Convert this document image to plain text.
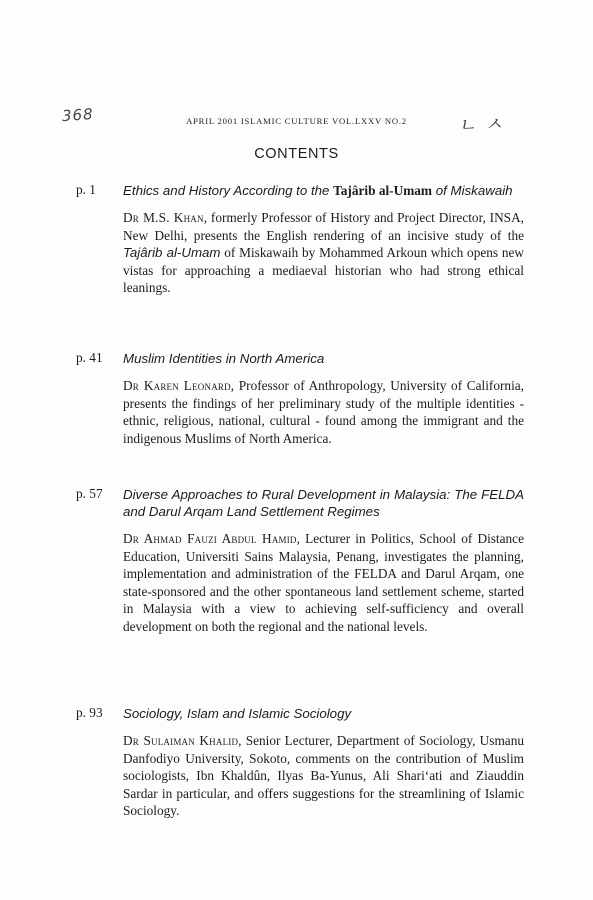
368	ㄴ ㅅ
APRIL 2001 ISLAMIC CULTURE VOL.LXXV NO.2
CONTENTS
p. 1 Ethics and History According to the Tajârib al-Umam of Miskawaih
Dr M.S. Khan, formerly Professor of History and Project Director, INSA, New Delhi, presents the English rendering of an incisive study of the Tajârib al-Umam of Miskawaih by Mohammed Arkoun which opens new vistas for approaching a mediaeval historian who had strong ethical leanings.
p. 41 Muslim Identities in North America
Dr Karen Leonard, Professor of Anthropology, University of California, presents the findings of her preliminary study of the multiple identities - ethnic, religious, national, cultural - found among the immigrant and the indigenous Muslims of North America.
p. 57 Diverse Approaches to Rural Development in Malaysia: The FELDA and Darul Arqam Land Settlement Regimes
Dr Ahmad Fauzi Abdul Hamid, Lecturer in Politics, School of Distance Education, Universiti Sains Malaysia, Penang, investigates the planning, implementation and administration of the FELDA and Darul Arqam, one state-sponsored and the other spontaneous land settlement scheme, started in Malaysia with a view to achieving self-sufficiency and overall development on both the regional and the national levels.
p. 93 Sociology, Islam and Islamic Sociology
Dr Sulaiman Khalid, Senior Lecturer, Department of Sociology, Usmanu Danfodiyo University, Sokoto, comments on the contribution of Muslim sociologists, Ibn Khaldûn, Ilyas Ba-Yunus, Ali Shari‘ati and Ziauddin Sardar in particular, and offers suggestions for the streamlining of Islamic Sociology.
